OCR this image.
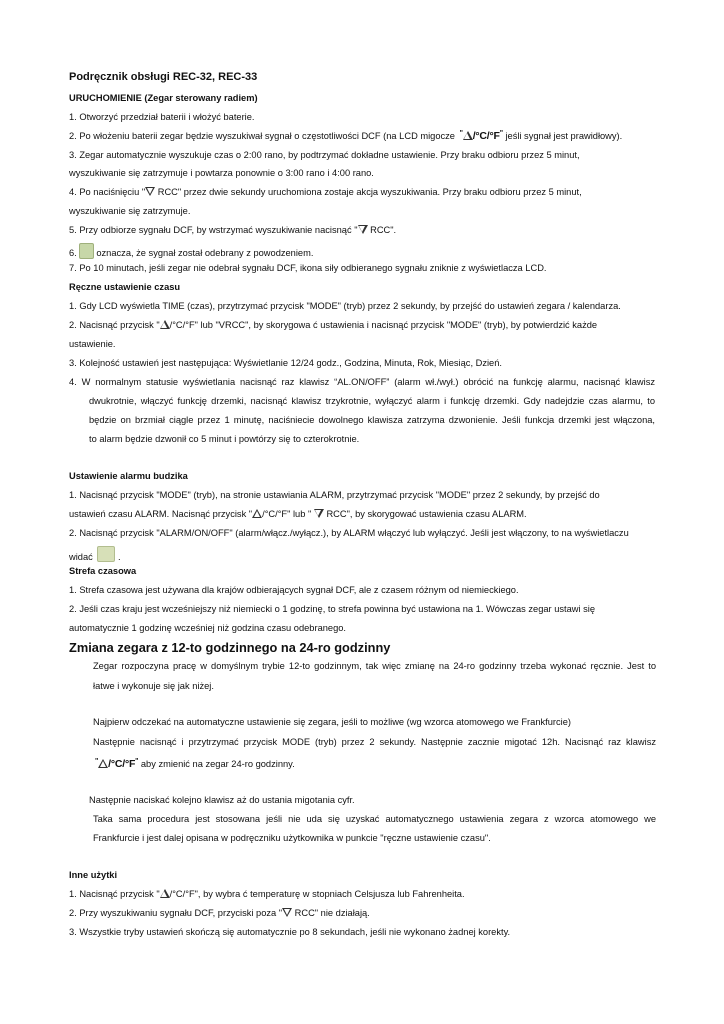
Podręcznik obsługi REC-32, REC-33
URUCHOMIENIE (Zegar sterowany radiem)
1. Otworzyć przedział baterii i włożyć baterie.
2. Po włożeniu baterii zegar będzie wyszukiwał sygnał o częstotliwości DCF (na LCD migocze " /°C/°F" jeśli sygnał jest prawidłowy).
3. Zegar automatycznie wyszukuje czas o 2:00 rano, by podtrzymać dokładne ustawienie. Przy braku odbioru przez 5 minut,
wyszukiwanie się zatrzymuje i powtarza ponownie o 3:00 rano i 4:00 rano.
4. Po naciśnięciu " RCC" przez dwie sekundy uruchomiona zostaje akcja wyszukiwania. Przy braku odbioru przez 5 minut,
wyszukiwanie się zatrzymuje.
5. Przy odbiorze sygnału DCF, by wstrzymać wyszukiwanie nacisnąć " RCC".
6. oznacza, że sygnał został odebrany z powodzeniem.
7. Po 10 minutach, jeśli zegar nie odebrał sygnału DCF, ikona siły odbieranego sygnału zniknie z wyświetlacza LCD.
Ręczne ustawienie czasu
1. Gdy LCD wyświetla TIME (czas), przytrzymać przycisk "MODE" (tryb) przez 2 sekundy, by przejść do ustawień zegara / kalendarza.
2. Nacisnąć przycisk " /°C/°F" lub "VRCC", by skorygowa ć ustawienia i nacisnąć przycisk "MODE" (tryb), by potwierdzić każde
ustawienie.
3. Kolejność ustawień jest następująca: Wyświetlanie 12/24 godz., Godzina, Minuta, Rok, Miesiąc, Dzień.
4. W normalnym statusie wyświetlania nacisnąć raz klawisz “AL.ON/OFF” (alarm wł./wył.) obrócić na funkcję alarmu, nacisnąć klawisz
dwukrotnie, włączyć funkcję drzemki, nacisnąć klawisz trzykrotnie, wyłączyć alarm i funkcję drzemki. Gdy nadejdzie czas alarmu, to
będzie on brzmiał ciągle przez 1 minutę, naciśniecie dowolnego klawisza zatrzyma dzwonienie. Jeśli funkcja drzemki jest włączona,
to alarm będzie dzwonił co 5 minut i powtórzy się to czterokrotnie.
Ustawienie alarmu budzika
1. Nacisnąć przycisk "MODE" (tryb), na stronie ustawiania ALARM, przytrzymać przycisk "MODE" przez 2 sekundy, by przejść do
ustawień czasu ALARM. Nacisnąć przycisk " /°C/°F" lub "  RCC", by skorygować ustawienia czasu ALARM.
2. Nacisnąć przycisk "ALARM/ON/OFF" (alarm/włącz./wyłącz.), by ALARM włączyć lub wyłączyć. Jeśli jest włączony, to na wyświetlaczu
widać	.
Strefa czasowa
1. Strefa czasowa jest używana dla krajów odbierających sygnał DCF, ale z czasem różnym od niemieckiego.
2. Jeśli czas kraju jest wcześniejszy niż niemiecki o 1 godzinę, to strefa powinna być ustawiona na 1. Wówczas zegar ustawi się
automatycznie 1 godzinę wcześniej niż godzina czasu odebranego.
Zmiana zegara z 12-to godzinnego na 24-ro godzinny
Zegar rozpoczyna pracę w domyślnym trybie 12-to godzinnym, tak więc zmianę na 24-ro godzinny trzeba wykonać ręcznie. Jest to
łatwe i wykonuje się jak niżej.
Najpierw odczekać na automatyczne ustawienie się zegara, jeśli to możliwe (wg wzorca atomowego we Frankfurcie)
Następnie nacisnąć i przytrzymać przycisk MODE (tryb) przez 2 sekundy. Następnie zacznie migotać 12h. Nacisnąć raz klawisz
" /°C/°F" aby zmienić na zegar 24-ro godzinny.
Następnie naciskać kolejno klawisz aż do ustania migotania cyfr.
Taka sama procedura jest stosowana jeśli nie uda się uzyskać automatycznego ustawienia zegara z wzorca atomowego we
Frankfurcie i jest dalej opisana w podręczniku użytkownika w punkcie "ręczne ustawienie czasu".
Inne użytki
1. Nacisnąć przycisk " /°C/°F", by wybra ć temperaturę w stopniach Celsjusza lub Fahrenheita.
2. Przy wyszukiwaniu sygnału DCF, przyciski poza " RCC" nie działają.
3. Wszystkie tryby ustawień skończą się automatycznie po 8 sekundach, jeśli nie wykonano żadnej korekty.
